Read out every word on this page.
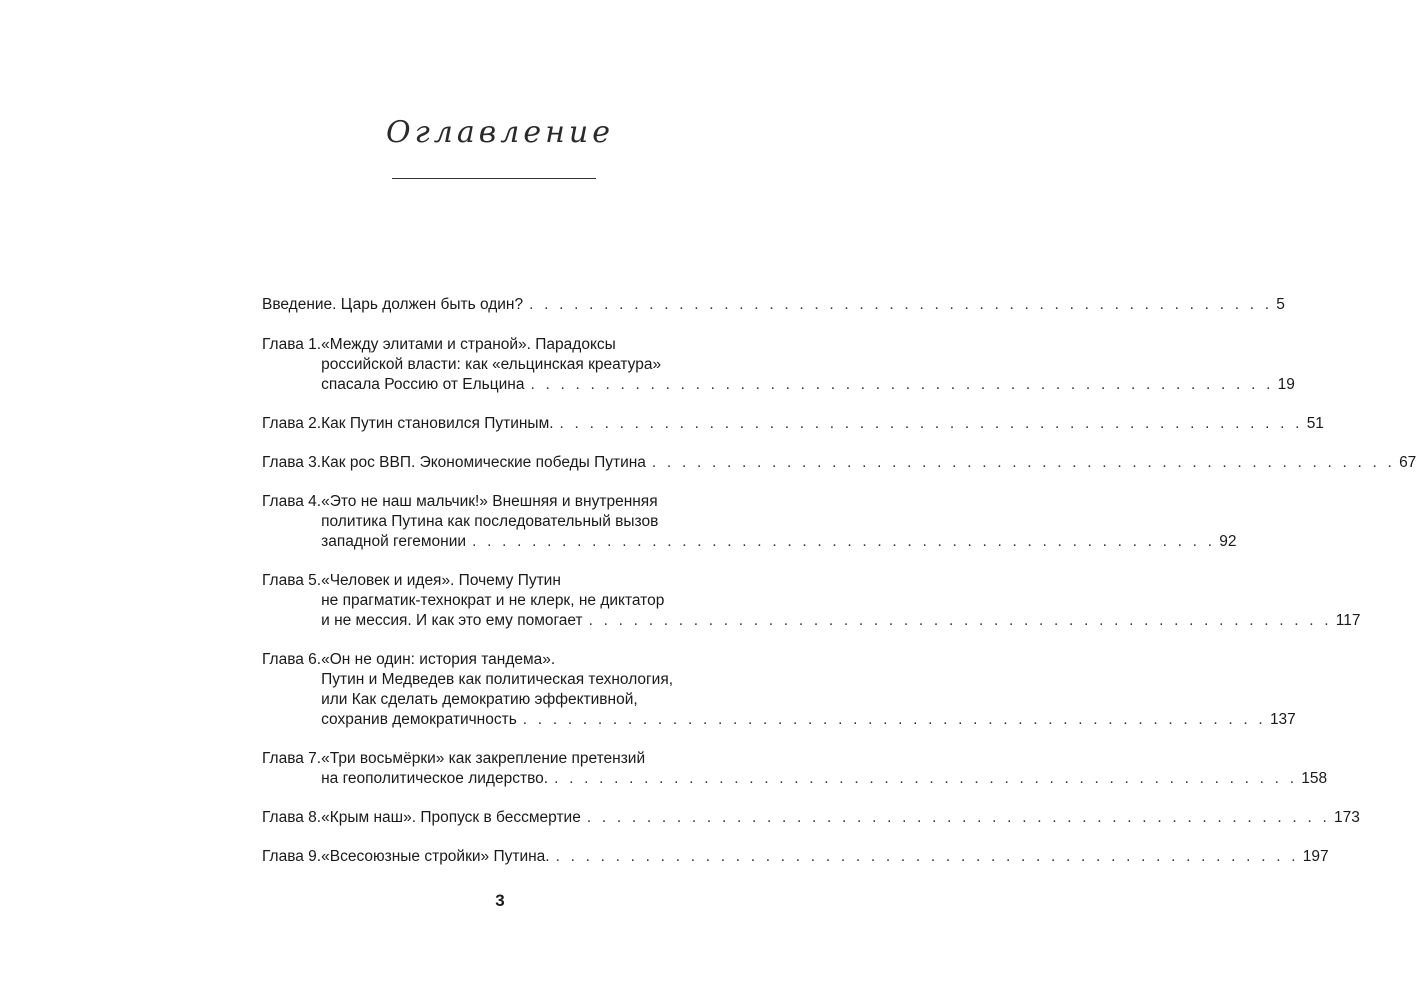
Оглавление
Введение. Царь должен быть один? . . . . . . . . . . . . . . . . . . . . . . . . . . . . . . . . . . . . . . . . . . . . . . . . . . 5
Глава 1. «Между элитами и страной». Парадоксы
российской власти: как «ельцинская креатура»
спасала Россию от Ельцина . . . . . . . . . . . . . . . . . . . . . . . . . . . . . . . . . . . . . . . . . . . . . . . . . . 19
Глава 2. Как Путин становился Путиным. . . . . . . . . . . . . . . . . . . . . . . . . . . . . . . . . . . . . . . . . . . . . . . . . . . 51
Глава 3. Как рос ВВП. Экономические победы Путина . . . . . . . . . . . . . . . . . . . . . . . . . . . . . . . . . . . . . . . . . . . . . . . . . . 67
Глава 4. «Это не наш мальчик!» Внешняя и внутренняя
политика Путина как последовательный вызов
западной гегемонии . . . . . . . . . . . . . . . . . . . . . . . . . . . . . . . . . . . . . . . . . . . . . . . . . . 92
Глава 5. «Человек и идея». Почему Путин
не прагматик-технократ и не клерк, не диктатор
и не мессия. И как это ему помогает . . . . . . . . . . . . . . . . . . . . . . . . . . . . . . . . . . . . . . . . . . . . . . . . . . 117
Глава 6. «Он не один: история тандема».
Путин и Медведев как политическая технология,
или Как сделать демократию эффективной,
сохранив демократичность . . . . . . . . . . . . . . . . . . . . . . . . . . . . . . . . . . . . . . . . . . . . . . . . . . 137
Глава 7. «Три восьмёрки» как закрепление претензий
на геополитическое лидерство. . . . . . . . . . . . . . . . . . . . . . . . . . . . . . . . . . . . . . . . . . . . . . . . . . . 158
Глава 8. «Крым наш». Пропуск в бессмертие . . . . . . . . . . . . . . . . . . . . . . . . . . . . . . . . . . . . . . . . . . . . . . . . . . 173
Глава 9. «Всесоюзные стройки» Путина. . . . . . . . . . . . . . . . . . . . . . . . . . . . . . . . . . . . . . . . . . . . . . . . . . . 197
3
